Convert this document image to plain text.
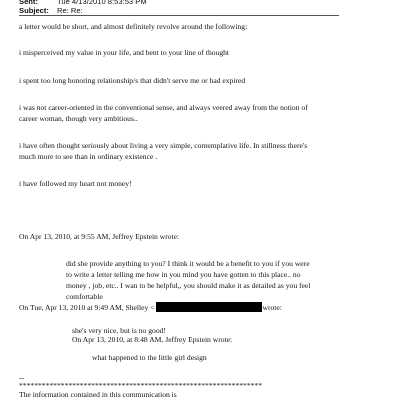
Sent:	Tue 4/13/2010 8:53:53 PM
Subject: Re: Re:
a letter would be short, and almost definitely revolve around the following:
i misperceived my value in your life, and bent to your line of thought
i spent too long honoring relationship/s that didn't serve me or had expired
i was not career-oriented in the conventional sense, and always veered away from the notion of
career woman, though very ambitious..
i have often thought seriously about living a very simple, contemplative life. In stillness there's
much more to see than in ordinary existence .
i have followed my heart not money!
On Apr 13, 2010, at 9:55 AM, Jeffrey Epstein wrote:
did she provide anything to you? I think it would be a benefit to you if you were
to write a letter telling me how in you mind you have gotten to this place.. no
money , job, etc.. I wan to be helpful,, you should make it as detailed as you feel
comfortable
On Tue, Apr 13, 2010 at 9:49 AM, Shelley <	wrote:
she's very nice, but is no good!
On Apr 13, 2010, at 8:48 AM, Jeffrey Epstein wrote:
what happened to the little girl design
--
****************************************************************
The information contained in this communication is
